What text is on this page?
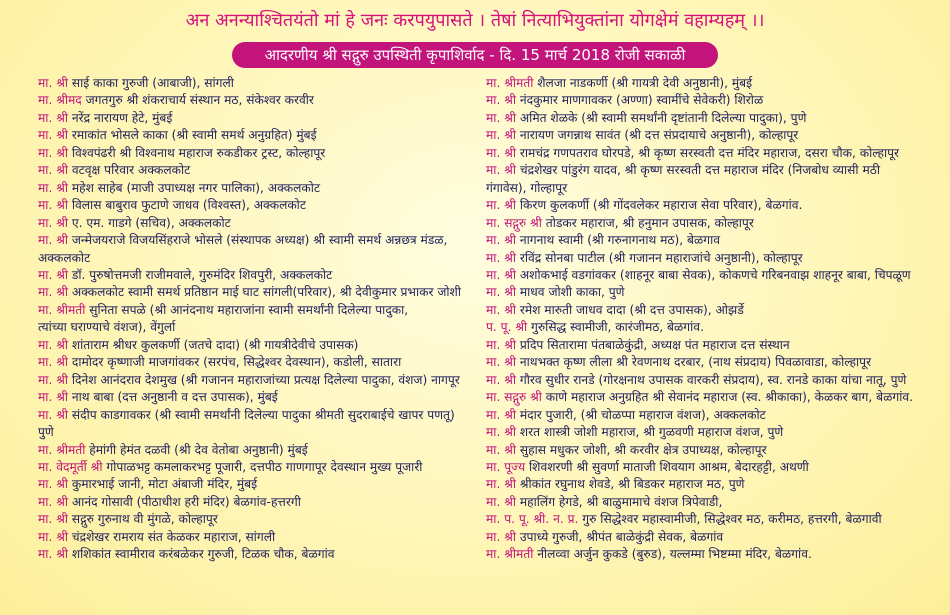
अन अनन्याश्चितयंतो मां हे जनः करपयुपासते । तेषां नित्याभियुक्तांना योगक्षेमं वहाम्यहम् ।।
आदरणीय श्री सद्गुरु उपस्थिती कृपाशिर्वाद - दि. 15 मार्च 2018 रोजी सकाळी
मा. श्री साई काका गुरुजी (आबाजी), सांगली
मा. श्रीमद जगतगुरु श्री शंकराचार्य संस्थान मठ, संकेश्वर करवीर
मा. श्री नरेंद्र नारायण हेटे, मुंबई
मा. श्री रमाकांत भोसले काका (श्री स्वामी समर्थ अनुग्रहित) मुंबई
मा. श्री विश्वपंढरी श्री विश्वनाथ महाराज रुकडीकर ट्रस्ट, कोल्हापूर
मा. श्री वटवृक्ष परिवार अक्कलकोट
मा. श्री महेश साहेब (माजी उपाध्यक्ष नगर पालिका), अक्कलकोट
मा. श्री विलास बाबुराव फुटाणे जाधव (विश्वस्त), अक्कलकोट
मा. श्री ए. एम. गाडगे (सचिव), अक्कलकोट
मा. श्री जन्मेजयराजे विजयसिंहराजे भोसले (संस्थापक अध्यक्ष) श्री स्वामी समर्थ अन्नछत्र मंडळ,
अक्कलकोट
मा. श्री डॉ. पुरुषोत्तमजी राजीमवाले, गुरुमंदिर शिवपुरी, अक्कलकोट
मा. श्री अक्कलकोट स्वामी समर्थ प्रतिष्ठान माई घाट सांगली(परिवार), श्री देवीकुमार प्रभाकर जोशी
मा. श्रीमती सुनिता सपळे (श्री आनंदनाथ महाराजांना स्वामी समर्थांनी दिलेल्या पादुका,
त्यांच्या घराण्याचे वंशज), वेंगुर्ला
मा. श्री शांताराम श्रीधर कुलकर्णी (जतचे दादा) (श्री गायत्रीदेवीचे उपासक)
मा. श्री दामोदर कृष्णाजी माजगांवकर (सरपंच, सिद्धेश्वर देवस्थान), कडोली, सातारा
मा. श्री दिनेश आनंदराव देशमुख (श्री गजानन महाराजांच्या प्रत्यक्ष दिलेल्या पादुका, वंशज) नागपूर
मा. श्री नाथ बाबा (दत्त अनुष्ठानी व दत्त उपासक), मुंबई
मा. श्री संदीप काडगावकर (श्री स्वामी समर्थांनी दिलेल्या पादुका श्रीमती सुदराबाईचे खापर पणतू)
पुणे
मा. श्रीमती हेमांगी हेमंत दळवी (श्री देव वेतोबा अनुष्ठानी) मुंबई
मा. वेदमूर्ती श्री गोपाळभट्ट कमलाकरभट्ट पूजारी, दत्तपीठ गाणगापूर देवस्थान मुख्य पूजारी
मा. श्री कुमारभाई जानी, मोटा अंबाजी मंदिर, मुंबई
मा. श्री आनंद गोसावी (पीठाधीश हरी मंदिर) बेळगांव-हत्तरगी
मा. श्री सद्गुरु गुरुनाथ वी मुंगळे, कोल्हापूर
मा. श्री चंद्रशेखर रामराय संत केळकर महाराज, सांगली
मा. श्री शशिकांत स्वामीराव करंबळेकर गुरुजी, टिळक चौक, बेळगांव
मा. श्रीमती शैलजा नाडकर्णी (श्री गायत्री देवी अनुष्ठानी), मुंबई
मा. श्री नंदकुमार माणगावकर (अण्णा) स्वामींचे सेवेकरी) शिरोळ
मा. श्री अमित शेळके (श्री स्वामी समर्थांनी दृष्टांतानी दिलेल्या पादुका), पुणे
मा. श्री नारायण जगन्नाथ सावंत (श्री दत्त संप्रदायाचे अनुष्ठानी), कोल्हापूर
मा. श्री रामचंद्र गणपतराव घोरपडे, श्री कृष्ण सरस्वती दत्त मंदिर महाराज, दसरा चौक, कोल्हापूर
मा. श्री चंद्रशेखर पांडुरंग यादव, श्री कृष्ण सरस्वती दत्त महाराज मंदिर (निजबोध व्यासी मठी
गंगावेस), गोल्हापूर
मा. श्री किरण कुलकर्णी (श्री गोंदवलेकर महाराज सेवा परिवार), बेळगांव.
मा. सद्गुरु श्री तोडकर महाराज, श्री हनुमान उपासक, कोल्हापूर
मा. श्री नागनाथ स्वामी (श्री गरुनागनाथ मठ), बेळगाव
मा. श्री रविंद्र सोनबा पाटील (श्री गजानन महाराजांचे अनुष्ठानी), कोल्हापूर
मा. श्री अशोकभाई वडगांवकर (शाहनूर बाबा सेवक), कोकणचे गरिबनवाझ शाहनूर बाबा, चिपळूण
मा. श्री माधव जोशी काका, पुणे
मा. श्री रमेश मारुती जाधव दादा (श्री दत्त उपासक), ओझर्डे
प. पू. श्री गुरुसिद्ध स्वामीजी, कारंजीमठ, बेळगांव.
मा. श्री प्रदिप सितारामा पंतबाळेकुंद्री, अध्यक्ष पंत महाराज दत्त संस्थान
मा. श्री नाथभक्त कृष्ण लीला श्री रेवणनाथ दरबार, (नाथ संप्रदाय) पिवळावाडा, कोल्हापूर
मा. श्री गौरव सुधीर रानडे (गोरक्षनाथ उपासक वारकरी संप्रदाय), स्व. रानडे काका यांचा नातू, पुणे
मा. सद्गुरु श्री काणे महाराज अनुग्रहित श्री सेवानंद महाराज (स्व. श्रीकाका), केळकर बाग, बेळगांव.
मा. श्री मंदार पुजारी, (श्री चोळप्पा महाराज वंशज), अक्कलकोट
मा. श्री शरत शास्त्री जोशी महाराज, श्री गुळवणी महाराज वंशज, पुणे
मा. श्री सुहास मधुकर जोशी, श्री करवीर क्षेत्र उपाध्यक्ष, कोल्हापूर
मा. पूज्य शिवशरणी श्री सुवर्णा माताजी शिवयाग आश्रम, बेदारहट्टी, अथणी
मा. श्री श्रीकांत रघुनाथ शेवडे, श्री बिडकर महाराज मठ, पुणे
मा. श्री महालिंग हेगडे, श्री बाळुमामाचे वंशज त्रिपेवाडी,
मा. प. पू. श्री. न. प्र. गुरु सिद्धेश्वर महास्वामीजी, सिद्धेश्वर मठ, करीमठ, हत्तरगी, बेळगावी
मा. श्री उपाध्ये गुरुजी, श्रीपंत बाळेकुंद्री सेवक, बेळगांव
मा. श्रीमती नीलव्वा अर्जुन कुकडे (बुरुड), यल्लम्मा भिष्टम्मा मंदिर, बेळगांव.
